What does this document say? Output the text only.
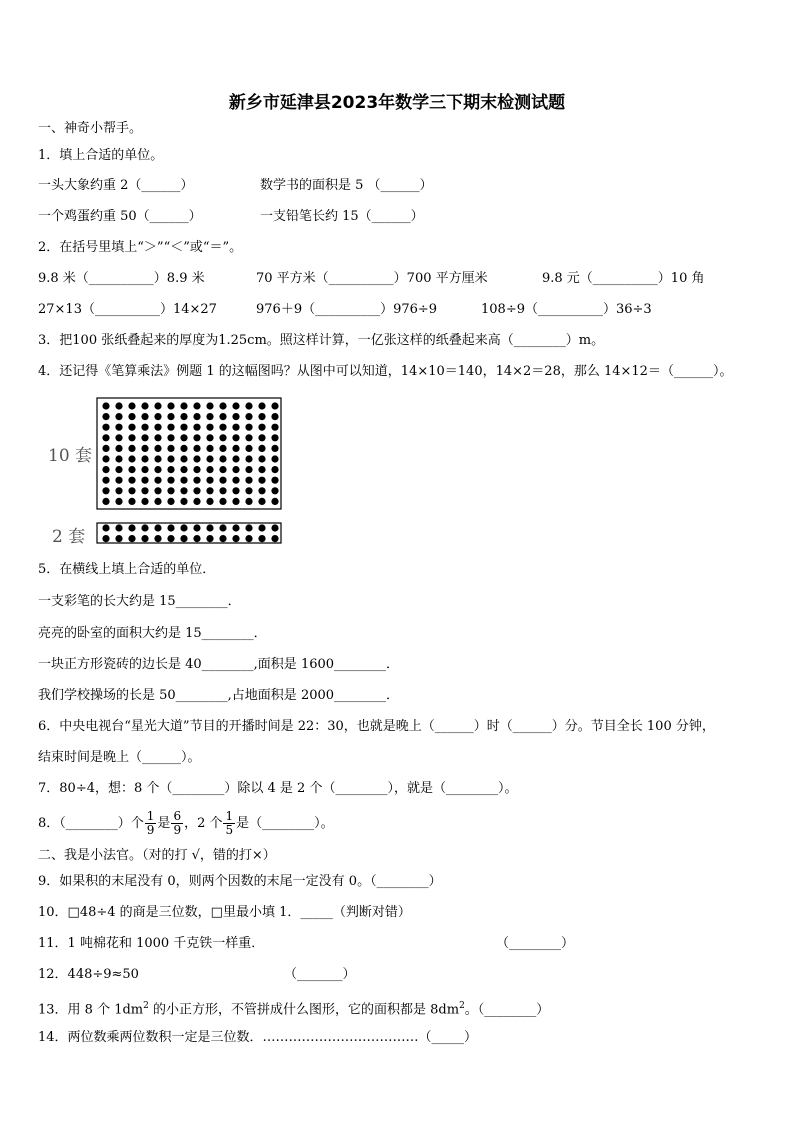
新乡市延津县2023年数学三下期末检测试题
一、神奇小帮手。
1．填上合适的单位。
一头大象约重 2（______）	数学书的面积是 5 （______）
一个鸡蛋约重 50（______）	一支铅笔长约 15（______）
2．在括号里填上“＞”“＜”或“＝”。
9.8 米（__________）8.9 米	70 平方米（__________）700 平方厘米	9.8 元（__________）10 角
27×13（__________）14×27	976＋9（__________）976÷9	108÷9（__________）36÷3
3．把100 张纸叠起来的厚度为1.25cm。照这样计算，一亿张这样的纸叠起来高（________）m。
4．还记得《笔算乘法》例题 1 的这幅图吗？从图中可以知道，14×10＝140，14×2＝28，那么 14×12＝（______）。
10 套
2 套
5．在横线上填上合适的单位．
一支彩笔的长大约是 15________．
亮亮的卧室的面积大约是 15________．
一块正方形瓷砖的边长是 40________,面积是 1600________．
我们学校操场的长是 50________,占地面积是 2000________．
6．中央电视台“星光大道”节目的开播时间是 22：30，也就是晚上（______）时（______）分。节目全长 100 分钟，
结束时间是晚上（______）。
7．80÷4，想：8 个（________）除以 4 是 2 个（________），就是（________）。
8．（________）个 $\frac{1}{9}$ 是 $\frac{6}{9}$ ，2 个 $\frac{1}{5}$ 是（________）。
二、我是小法官。（对的打 √，错的打×）
9．如果积的末尾没有 0，则两个因数的末尾一定没有 0。（________）
10．□48÷4 的商是三位数，□里最小填 1．_____（判断对错）
11．1 吨棉花和 1000 千克铁一样重．	（________）
12．448÷9≈50	（_______）
13．用 8 个 $1dm^2$ 的小正方形，不管拼成什么图形，它的面积都是 $8dm^2$。（________）
14．两位数乘两位数积一定是三位数．………………………………（_____）
